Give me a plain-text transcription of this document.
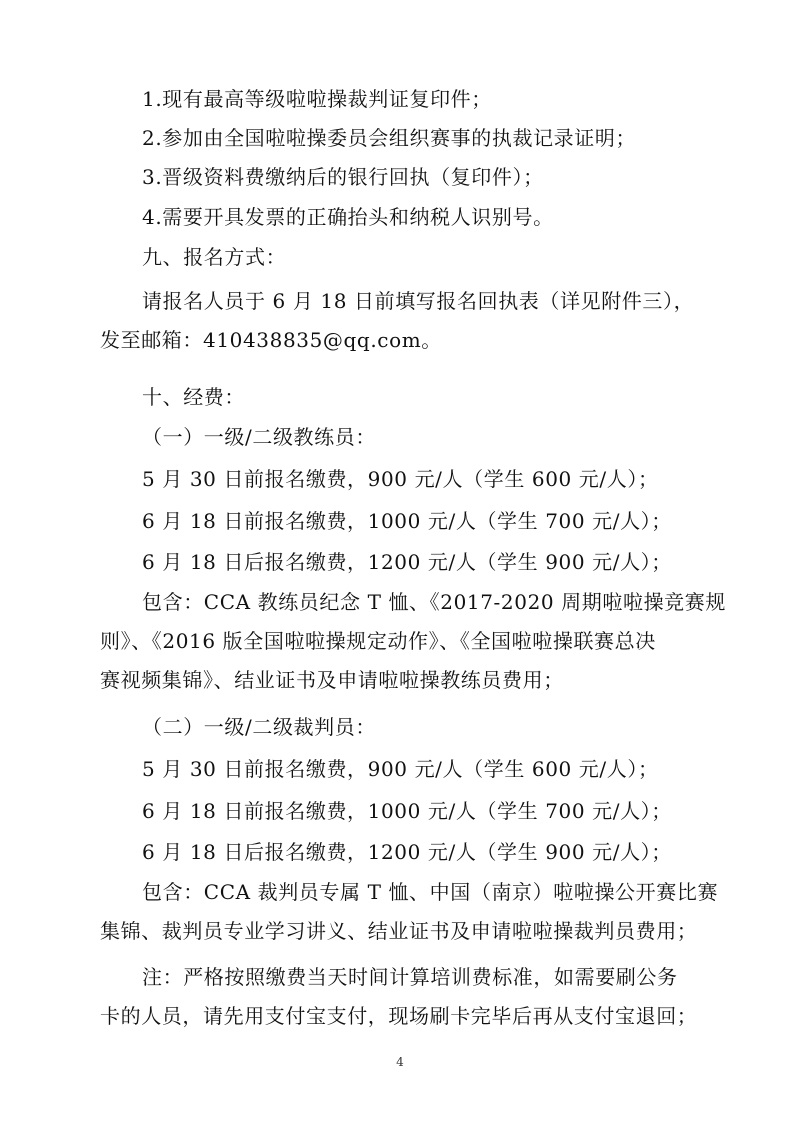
1.现有最高等级啦啦操裁判证复印件；

2.参加由全国啦啦操委员会组织赛事的执裁记录证明；

3.晋级资料费缴纳后的银行回执（复印件）；

4.需要开具发票的正确抬头和纳税人识别号。

九、报名方式：

请报名人员于 6 月 18 日前填写报名回执表（详见附件三），
发至邮箱：410438835@qq.com。

十、经费：

（一）一级/二级教练员：

5 月 30 日前报名缴费，900 元/人（学生 600 元/人）；

6 月 18 日前报名缴费，1000 元/人（学生 700 元/人）；

6 月 18 日后报名缴费，1200 元/人（学生 900 元/人）；

包含：CCA 教练员纪念 T 恤、《2017-2020 周期啦啦操竞赛规
则》、《2016 版全国啦啦操规定动作》、《全国啦啦操联赛总决
赛视频集锦》、结业证书及申请啦啦操教练员费用；

（二）一级/二级裁判员：

5 月 30 日前报名缴费，900 元/人（学生 600 元/人）；

6 月 18 日前报名缴费，1000 元/人（学生 700 元/人）；

6 月 18 日后报名缴费，1200 元/人（学生 900 元/人）；

包含：CCA 裁判员专属 T 恤、中国（南京）啦啦操公开赛比赛
集锦、裁判员专业学习讲义、结业证书及申请啦啦操裁判员费用；
注：严格按照缴费当天时间计算培训费标准，如需要刷公务
卡的人员，请先用支付宝支付，现场刷卡完毕后再从支付宝退回；
4
